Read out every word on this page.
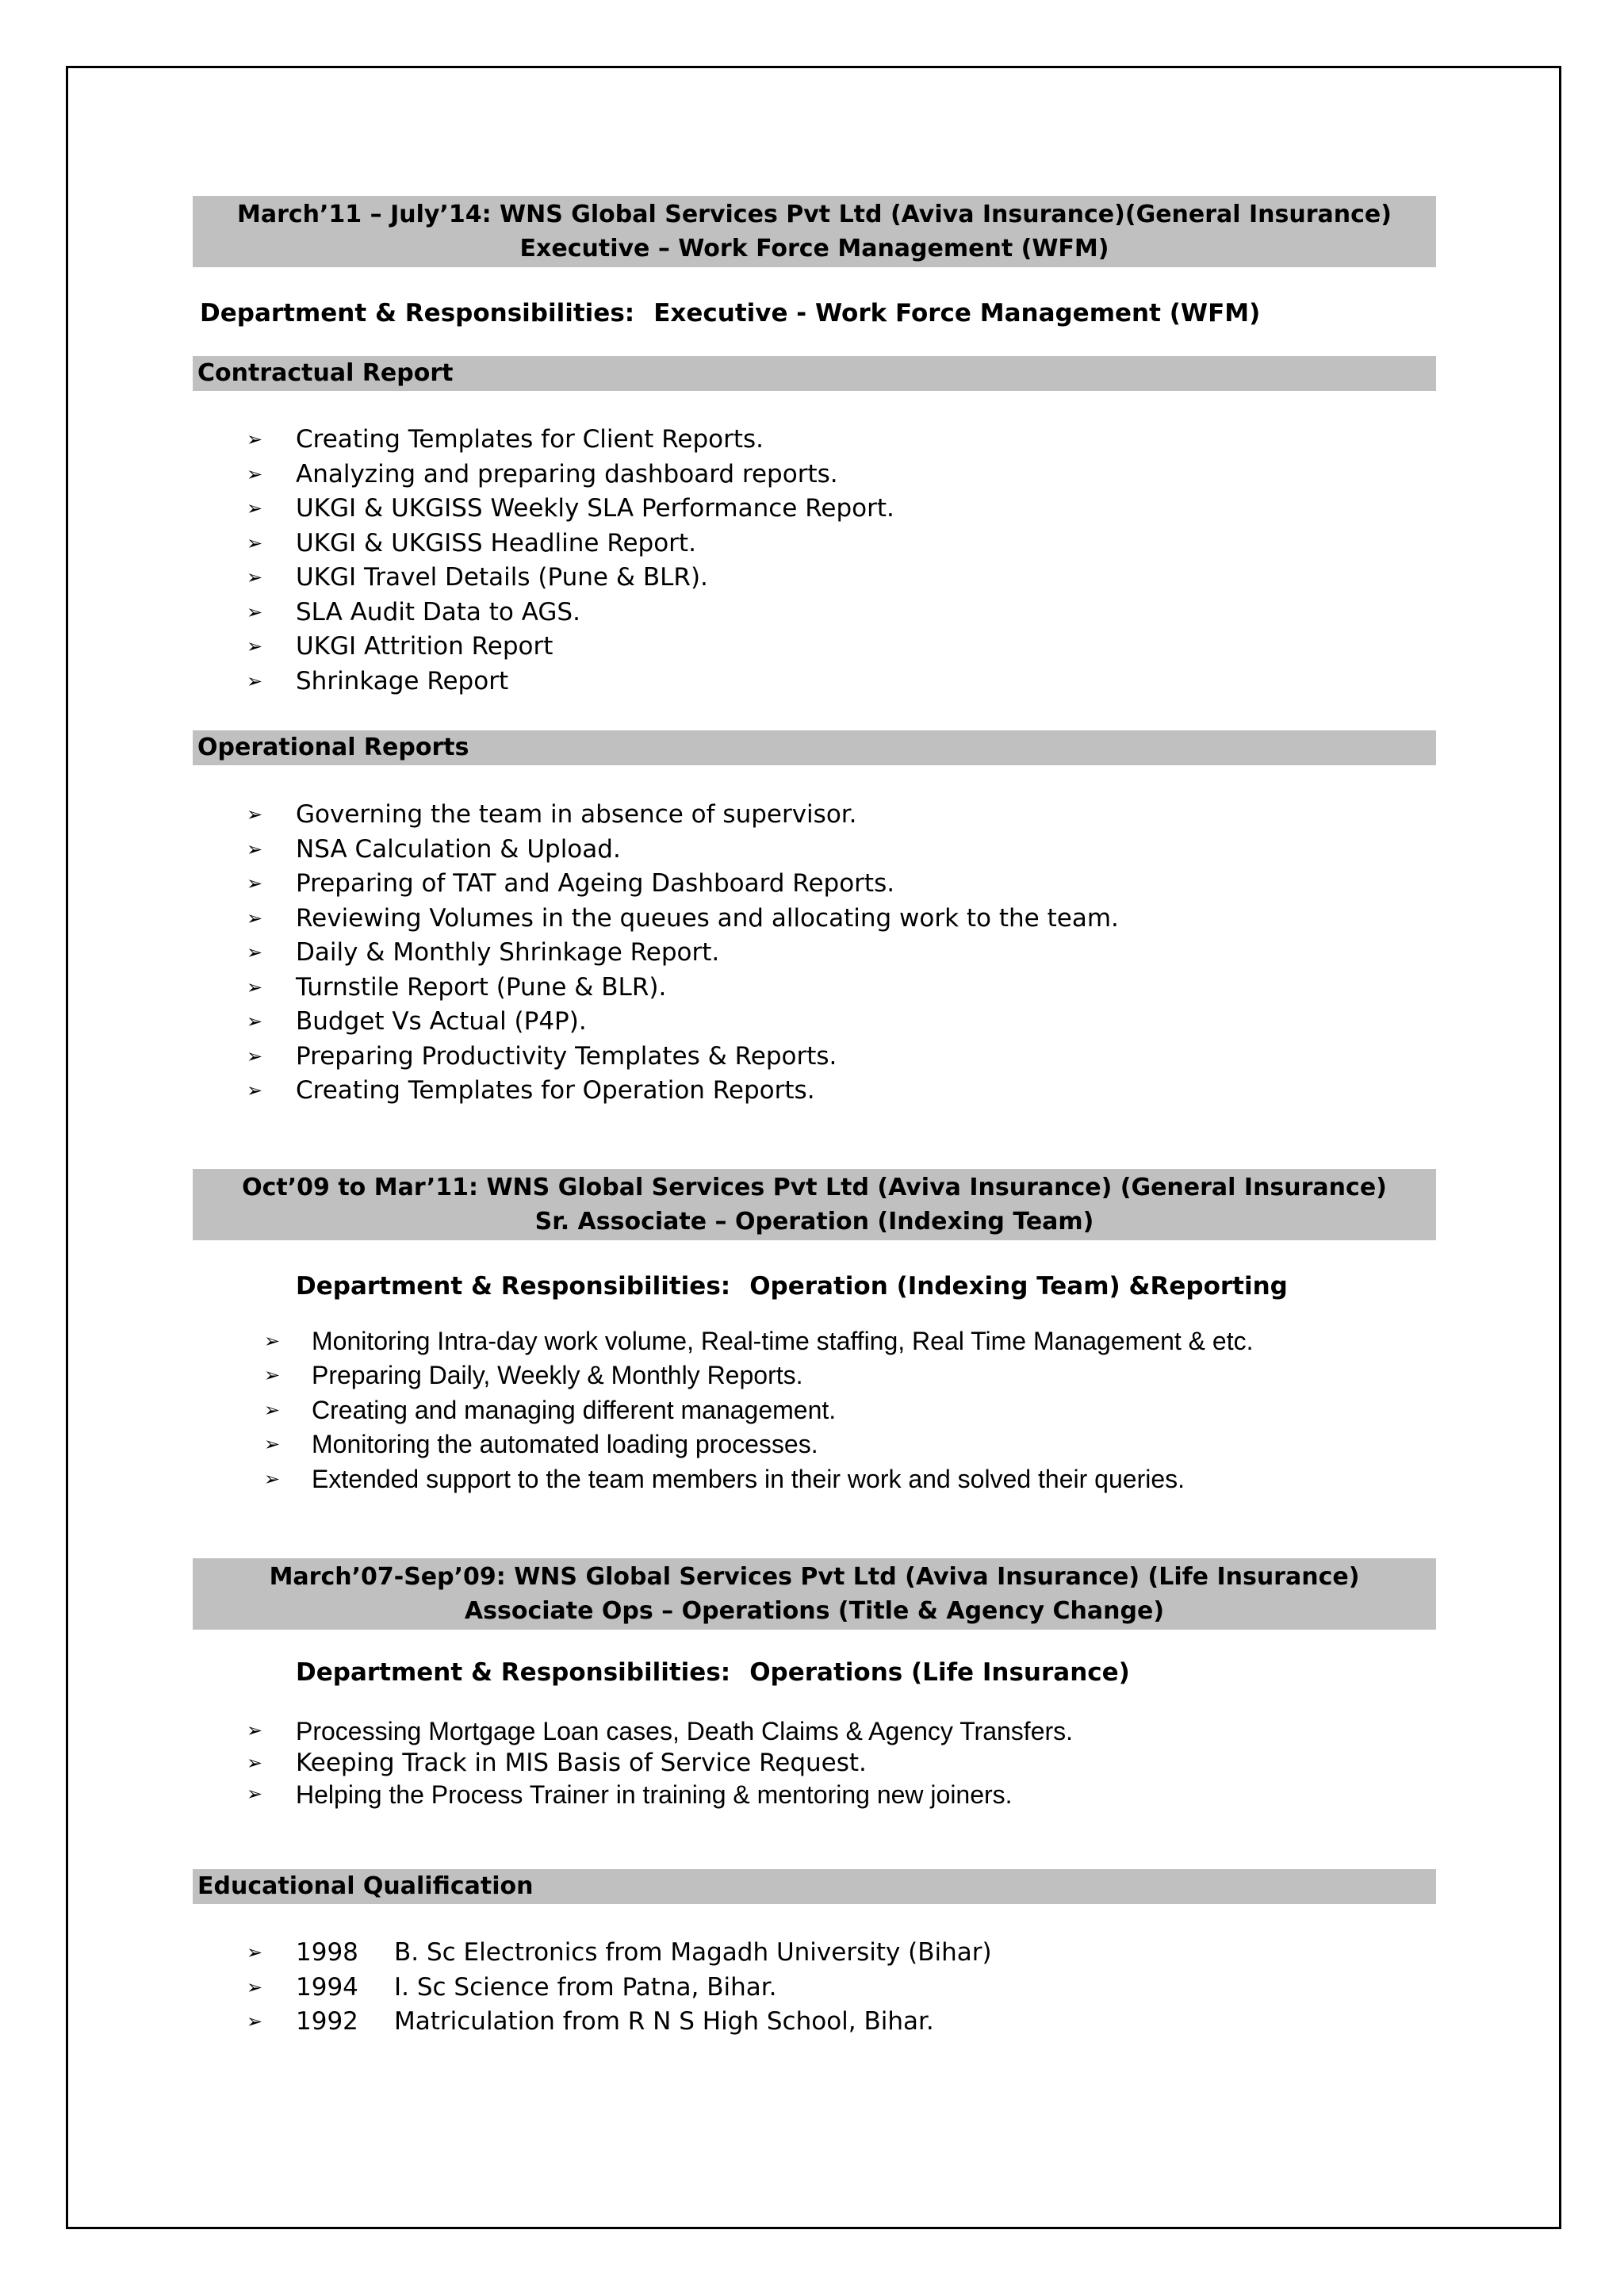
March’11 – July’14: WNS Global Services Pvt Ltd (Aviva Insurance)(General Insurance)
Executive – Work Force Management (WFM)
Department & Responsibilities: Executive - Work Force Management (WFM)
Contractual Report
➢ Creating Templates for Client Reports.
➢ Analyzing and preparing dashboard reports.
➢ UKGI & UKGISS Weekly SLA Performance Report.
➢ UKGI & UKGISS Headline Report.
➢ UKGI Travel Details (Pune & BLR).
➢ SLA Audit Data to AGS.
➢ UKGI Attrition Report
➢ Shrinkage Report
Operational Reports
➢ Governing the team in absence of supervisor.
➢ NSA Calculation & Upload.
➢ Preparing of TAT and Ageing Dashboard Reports.
➢ Reviewing Volumes in the queues and allocating work to the team.
➢ Daily & Monthly Shrinkage Report.
➢ Turnstile Report (Pune & BLR).
➢ Budget Vs Actual (P4P).
➢ Preparing Productivity Templates & Reports.
➢ Creating Templates for Operation Reports.
Oct’09 to Mar’11: WNS Global Services Pvt Ltd (Aviva Insurance) (General Insurance)
Sr. Associate – Operation (Indexing Team)
Department & Responsibilities: Operation (Indexing Team) &Reporting
➢ Monitoring Intra-day work volume, Real-time staffing, Real Time Management & etc.
➢ Preparing Daily, Weekly & Monthly Reports.
➢ Creating and managing different management.
➢ Monitoring the automated loading processes.
➢ Extended support to the team members in their work and solved their queries.
March’07-Sep’09: WNS Global Services Pvt Ltd (Aviva Insurance) (Life Insurance)
Associate Ops – Operations (Title & Agency Change)
Department & Responsibilities: Operations (Life Insurance)
➢ Processing Mortgage Loan cases, Death Claims & Agency Transfers.
➢ Keeping Track in MIS Basis of Service Request.
➢ Helping the Process Trainer in training & mentoring new joiners.
Educational Qualification
➢ 1998 B. Sc Electronics from Magadh University (Bihar)
➢ 1994 I. Sc Science from Patna, Bihar.
➢ 1992 Matriculation from R N S High School, Bihar.
